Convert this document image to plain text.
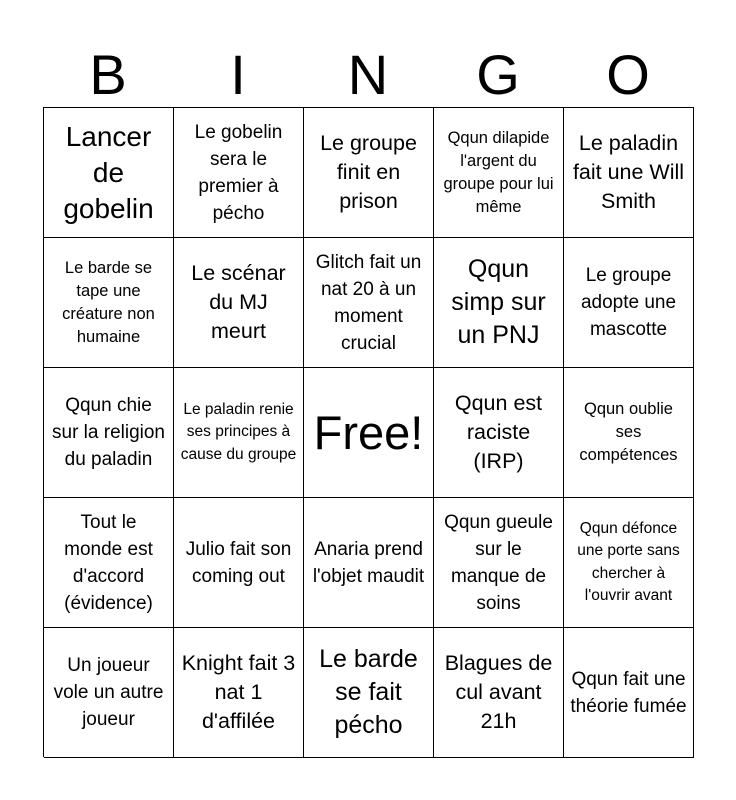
B	I	N	G	O
Lancer de gobelin
Le gobelin sera le premier à pécho
Le groupe finit en prison
Qqun dilapide l'argent du groupe pour lui même
Le paladin fait une Will Smith
Le barde se tape une créature non humaine
Le scénar du MJ meurt
Glitch fait un nat 20 à un moment crucial
Qqun simp sur un PNJ
Le groupe adopte une mascotte
Qqun chie sur la religion du paladin
Le paladin renie ses principes à cause du groupe Free!
Qqun est raciste (IRP)
Qqun oublie ses compétences
Tout le monde est d'accord (évidence)
Julio fait son coming out
Anaria prend l'objet maudit
Qqun gueule sur le manque de soins
Qqun défonce une porte sans chercher à l'ouvrir avant
Un joueur vole un autre joueur
Knight fait 3 nat 1 d'affilée
Le barde se fait pécho
Blagues de cul avant 21h
Qqun fait une théorie fumée
